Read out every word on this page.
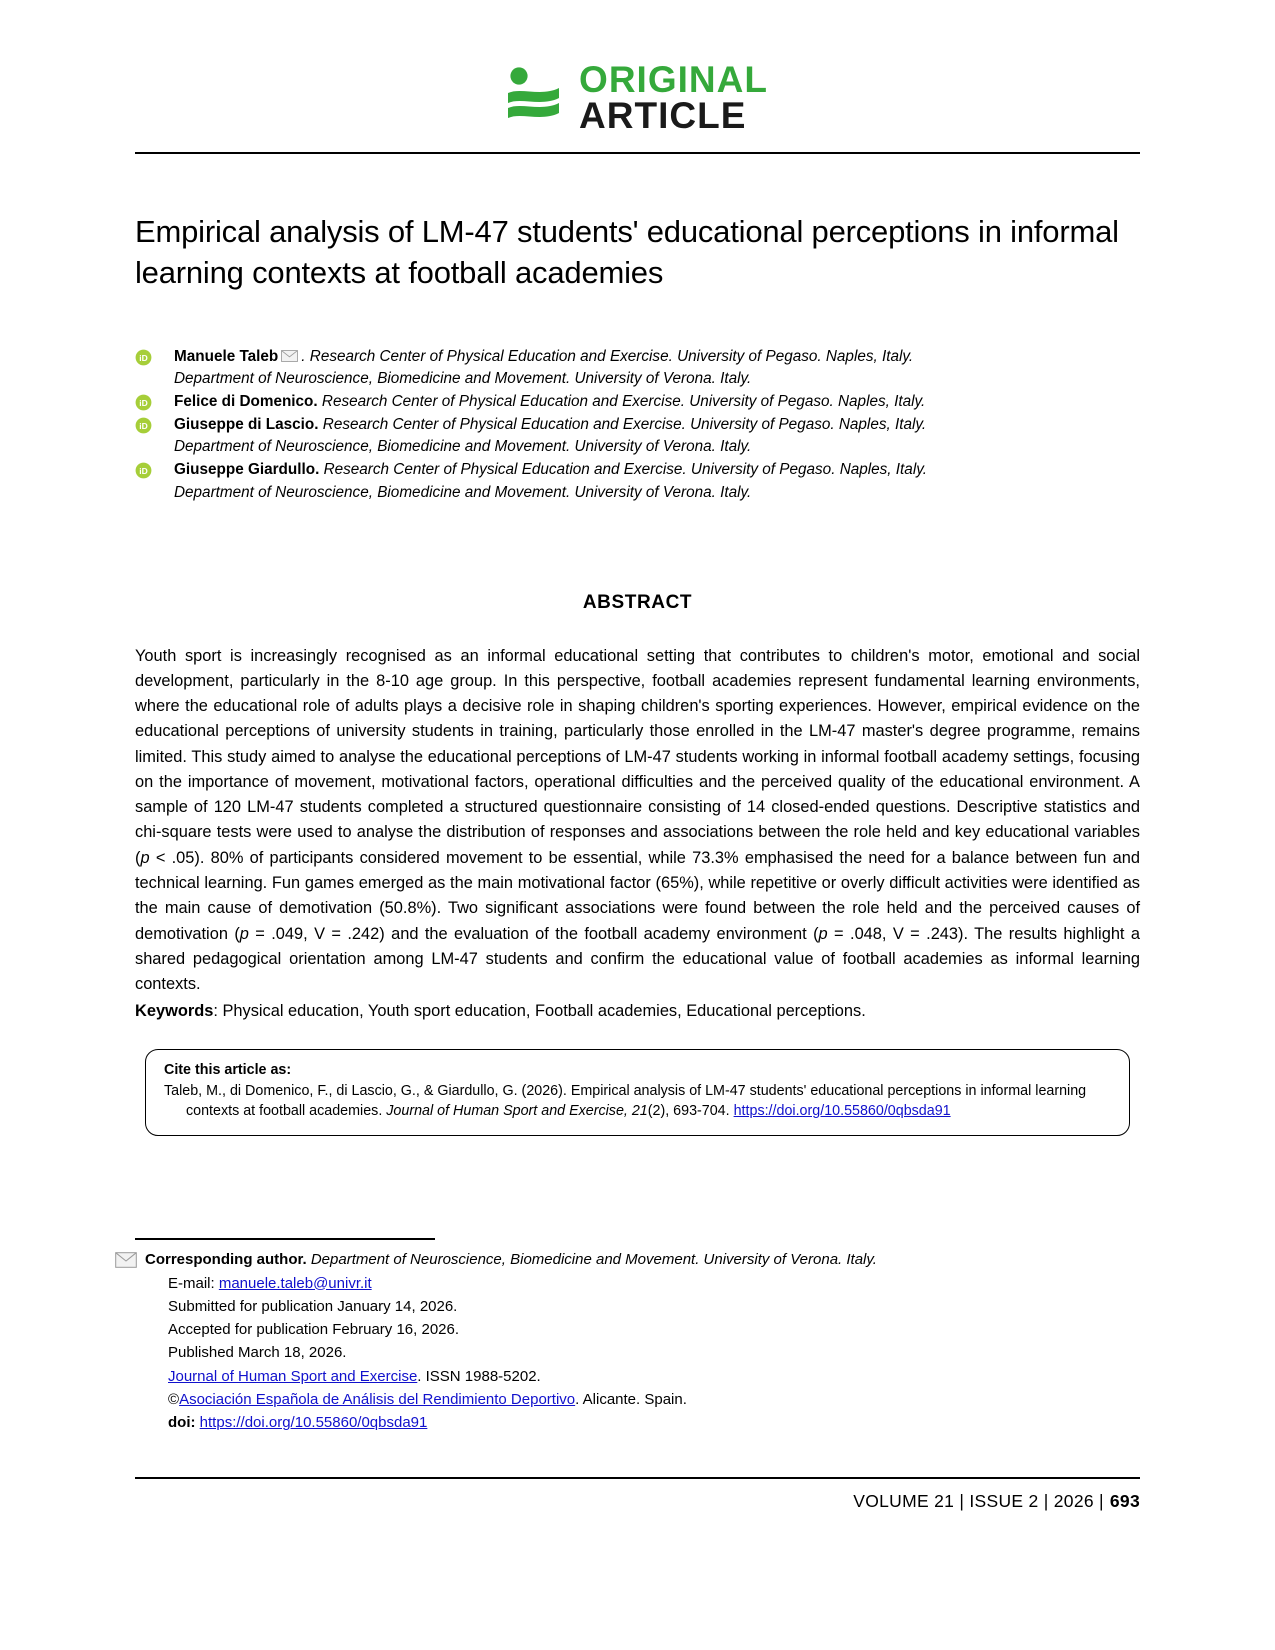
ORIGINAL
ARTICLE
Empirical analysis of LM-47 students' educational perceptions in informal learning contexts at football academies
iD Manuele Taleb . Research Center of Physical Education and Exercise. University of Pegaso. Naples, Italy.
Department of Neuroscience, Biomedicine and Movement. University of Verona. Italy.
iD Felice di Domenico. Research Center of Physical Education and Exercise. University of Pegaso. Naples, Italy.
iD Giuseppe di Lascio. Research Center of Physical Education and Exercise. University of Pegaso. Naples, Italy.
Department of Neuroscience, Biomedicine and Movement. University of Verona. Italy.
iD Giuseppe Giardullo. Research Center of Physical Education and Exercise. University of Pegaso. Naples, Italy.
Department of Neuroscience, Biomedicine and Movement. University of Verona. Italy.
ABSTRACT
Youth sport is increasingly recognised as an informal educational setting that contributes to children's motor, emotional and social development, particularly in the 8-10 age group. In this perspective, football academies represent fundamental learning environments, where the educational role of adults plays a decisive role in shaping children's sporting experiences. However, empirical evidence on the educational perceptions of university students in training, particularly those enrolled in the LM-47 master's degree programme, remains limited. This study aimed to analyse the educational perceptions of LM-47 students working in informal football academy settings, focusing on the importance of movement, motivational factors, operational difficulties and the perceived quality of the educational environment. A sample of 120 LM-47 students completed a structured questionnaire consisting of 14 closed-ended questions. Descriptive statistics and chi-square tests were used to analyse the distribution of responses and associations between the role held and key educational variables (p < .05). 80% of participants considered movement to be essential, while 73.3% emphasised the need for a balance between fun and technical learning. Fun games emerged as the main motivational factor (65%), while repetitive or overly difficult activities were identified as the main cause of demotivation (50.8%). Two significant associations were found between the role held and the perceived causes of demotivation (p = .049, V = .242) and the evaluation of the football academy environment (p = .048, V = .243). The results highlight a shared pedagogical orientation among LM-47 students and confirm the educational value of football academies as informal learning contexts.
Keywords: Physical education, Youth sport education, Football academies, Educational perceptions.
Cite this article as:
Taleb, M., di Domenico, F., di Lascio, G., & Giardullo, G. (2026). Empirical analysis of LM-47 students' educational perceptions in informal learning contexts at football academies. Journal of Human Sport and Exercise, 21(2), 693-704. https://doi.org/10.55860/0qbsda91
Corresponding author. Department of Neuroscience, Biomedicine and Movement. University of Verona. Italy.
E-mail: manuele.taleb@univr.it
Submitted for publication January 14, 2026.
Accepted for publication February 16, 2026.
Published March 18, 2026.
Journal of Human Sport and Exercise. ISSN 1988-5202.
©Asociación Española de Análisis del Rendimiento Deportivo. Alicante. Spain.
doi: https://doi.org/10.55860/0qbsda91
VOLUME 21 | ISSUE 2 | 2026 | 693
